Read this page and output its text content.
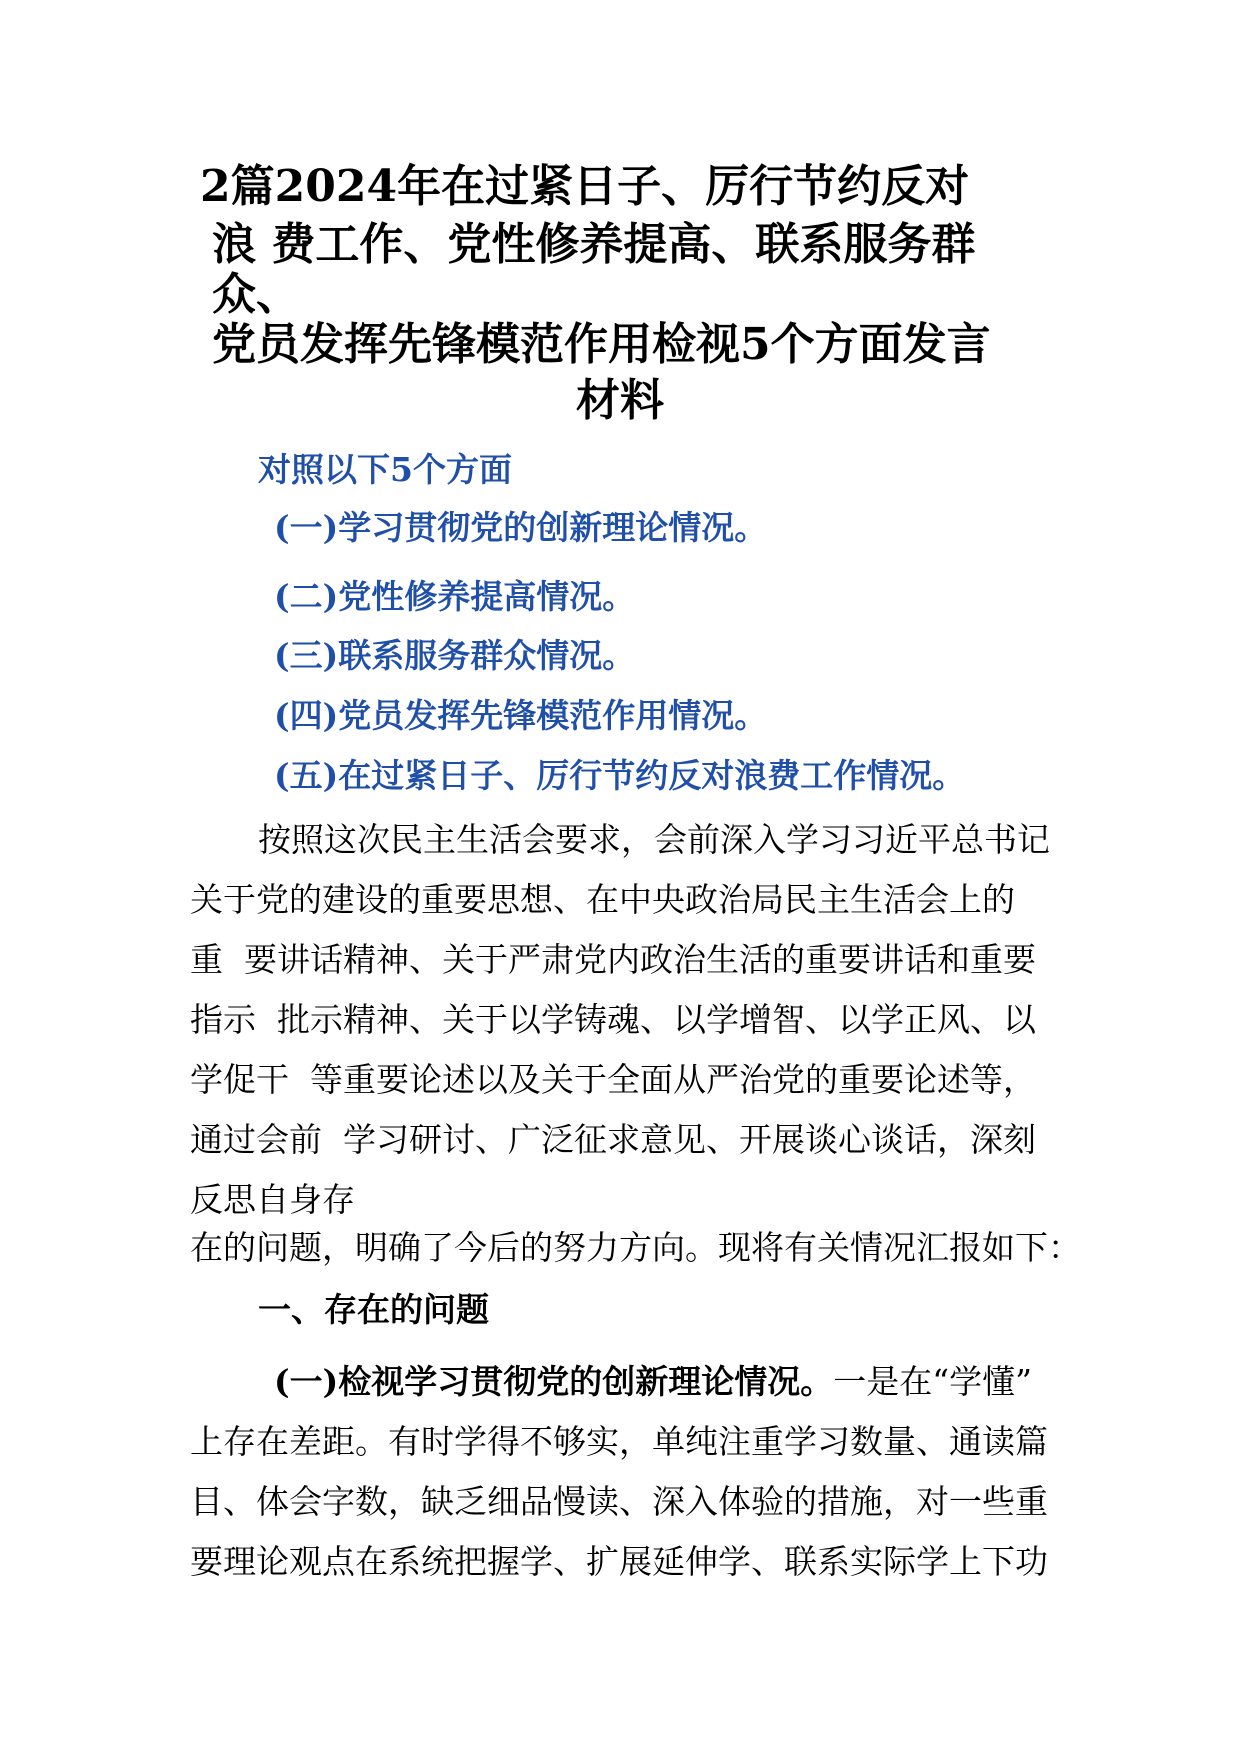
2篇2024年在过紧日子、厉行节约反对
浪 费工作、党性修养提高、联系服务群
众、
党员发挥先锋模范作用检视5个方面发言
材料
对照以下5个方面
(一)学习贯彻党的创新理论情况。
(二)党性修养提高情况。
(三)联系服务群众情况。
(四)党员发挥先锋模范作用情况。
(五)在过紧日子、厉行节约反对浪费工作情况。
按照这次民主生活会要求，会前深入学习习近平总书记
关于党的建设的重要思想、在中央政治局民主生活会上的
重  要讲话精神、关于严肃党内政治生活的重要讲话和重要
指示  批示精神、关于以学铸魂、以学增智、以学正风、以
学促干  等重要论述以及关于全面从严治党的重要论述等，
通过会前  学习研讨、广泛征求意见、开展谈心谈话，深刻
反思自身存
在的问题，明确了今后的努力方向。现将有关情况汇报如下：
一、存在的问题
(一)检视学习贯彻党的创新理论情况。一是在“学懂”
上存在差距。有时学得不够实，单纯注重学习数量、通读篇
目、体会字数，缺乏细品慢读、深入体验的措施，对一些重
要理论观点在系统把握学、扩展延伸学、联系实际学上下功
